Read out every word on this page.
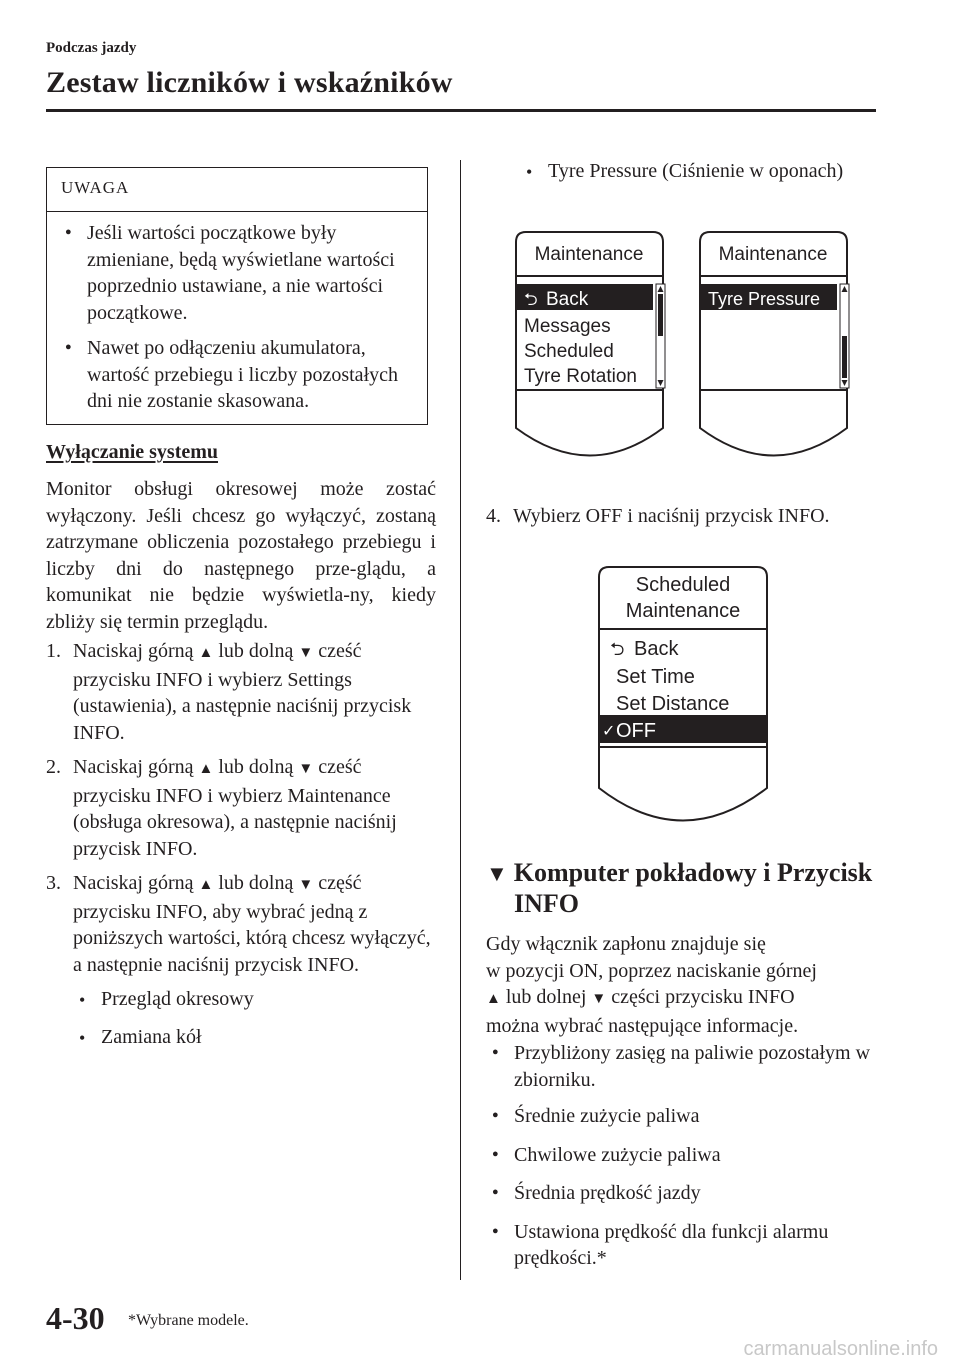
Podczas jazdy
Zestaw liczników i wskaźników
UWAGA
●
Jeśli wartości początkowe były zmieniane, będą wyświetlane wartości poprzednio ustawiane, a nie wartości początkowe.
●
Nawet po odłączeniu akumulatora, wartość przebiegu i liczby pozostałych dni nie zostanie skasowana.
Wyłączanie systemu
Monitor obsługi okresowej może zostać wyłączony. Jeśli chcesz go wyłączyć, zostaną zatrzymane obliczenia pozostałego przebiegu i liczby dni do następnego prze-glądu, a komunikat nie będzie wyświetla-ny, kiedy zbliży się termin przeglądu.
1. Naciskaj górną ▲ lub dolną ▼ cześć przycisku INFO i wybierz Settings (ustawienia), a następnie naciśnij przycisk INFO.
2. Naciskaj górną ▲ lub dolną ▼ cześć przycisku INFO i wybierz Maintenance (obsługa okresowa), a następnie naciśnij przycisk INFO.
3. Naciskaj górną ▲ lub dolną ▼ część przycisku INFO, aby wybrać jedną z poniższych wartości, którą chcesz wyłączyć, a następnie naciśnij przycisk INFO.
•
Przegląd okresowy
•
Zamiana kół
•
Tyre Pressure (Ciśnienie w oponach)
Maintenance
⮌ Back
Messages
Scheduled
Tyre Rotation
Maintenance
Tyre Pressure
4. Wybierz OFF i naciśnij przycisk INFO.
Scheduled
Maintenance
⮌ Back
Set Time
Set Distance
✓ OFF
▼ Komputer pokładowy i Przycisk
INFO
Gdy włącznik zapłonu znajduje się
w pozycji ON, poprzez naciskanie górnej
▲ lub dolnej ▼ części przycisku INFO
można wybrać następujące informacje.
●
Przybliżony zasięg na paliwie pozostałym w zbiorniku.
●
Średnie zużycie paliwa
●
Chwilowe zużycie paliwa
●
Średnia prędkość jazdy
●
Ustawiona prędkość dla funkcji alarmu prędkości.*
4-30 *Wybrane modele.
carmanualsonline.info
